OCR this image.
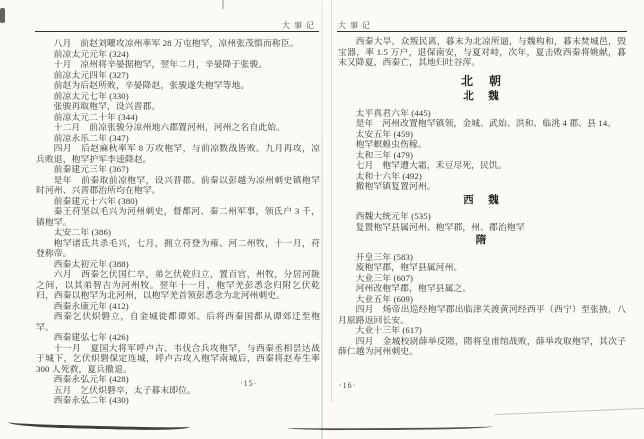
大事记	大事记

八月　前赵刘曜攻凉州率军 28 万屯枹罕，凉州张茂惧而称臣。

前凉太元元年 (324)

十月　凉州将辛晏据枹罕，翌年二月，辛晏降于张骏。

前凉太元四年 (327)

前赵为后赵所败，辛晏降赵，张骏遂失枹罕等地。

前凉太元七年 (330)

张骏再取枹罕，设兴晋郡。

前凉太元二十年 (344)

十二月　前凉张骏分凉州地六郡置河州，河州之名自此始。

前凉永乐二年 (347)

四月　后赵麻秋率军 8 万攻枹罕，与前凉数战皆败。九月再攻，凉兵败退，枹罕护军李逵降赵。

前秦建元三年 (367)

是年　前秦取前凉枹罕，设兴晋郡。前秦以彭越为凉州刺史镇枹罕时河州、兴晋郡治所均在枹罕。

前秦建元十六年 (380)

秦王苻坚以毛兴为河州刺史，督都河、秦二州军事，领氐户 3 千，镇枹罕。

太安二年 (386)

枹罕诸氐共杀毛兴，七月，拥立苻登为雍、河二州牧，十一月，苻登称帝。

西秦太初元年 (388)

六月　西秦乞伏国仁卒，弟乞伏乾归立，置百官，州牧，分居河陇之间，以其弟智吉为河州牧。翌年十一月，枹罕羌彭悉念归附乞伏乾归，西秦以枹罕为北河州，以枹罕羌首领彭悉念为北河州刺史。

西秦永康元年 (412)

西秦乞伏炽磐立，自金城徙都谭郊。后将西秦国都从谭郊迁至枹罕。

西秦建弘七年 (426)

十一月　夏国大将军呼卢古、韦伐合兵攻枹罕，与西秦丞相昙达战于城下，乞伏炽磐保定连城，呼卢古攻入枹罕南城后，西秦将赵寿生率 300 人死救，夏兵撤退。

西秦永弘元年 (428)

五月　乞伏炽磐卒，太子暮末即位。

西秦永弘二年 (430)

西秦大旱，众叛民离，暮末为北凉所逼，与魏构和，暮末焚城邑，毁宝器，率 1.5 万户，退保南安，与夏对峙，次年，夏击败西秦将姚献，暮末又降夏，西秦亡，其地归吐谷浑。

北　朝

北　魏

太平真君六年 (445)

是年　河州改置枹罕镇领，金城、武始、洪和、临洮 4 郡、县 14。

太安五年 (459)

枹罕螟蝗虫伤稼。

太和三年 (479)

七月　枹罕遭大霜，禾豆尽死，民饥。

太和十六年 (492)

撤枹罕镇复置河州。

西　魏

西魏大统元年 (535)

复置枹罕县属河州、枹罕郡，州、郡治枹罕

隋

开皇三年 (583)

废枹罕郡，枹罕县属河州。

大业三年 (607)

河州改枹罕郡，枹罕县属之。

大业五年 (609)

四月　炀帝出巡经枹罕郡出临津关渡黄河经西平（西宁）至张掖，八月原路返回长安。

大业十三年 (617)

四月　金城校尉薛举反隋，隋将皇甫绾战败，薛举攻取枹罕，其次子薛仁越为河州刺史。

·15·	·16·
